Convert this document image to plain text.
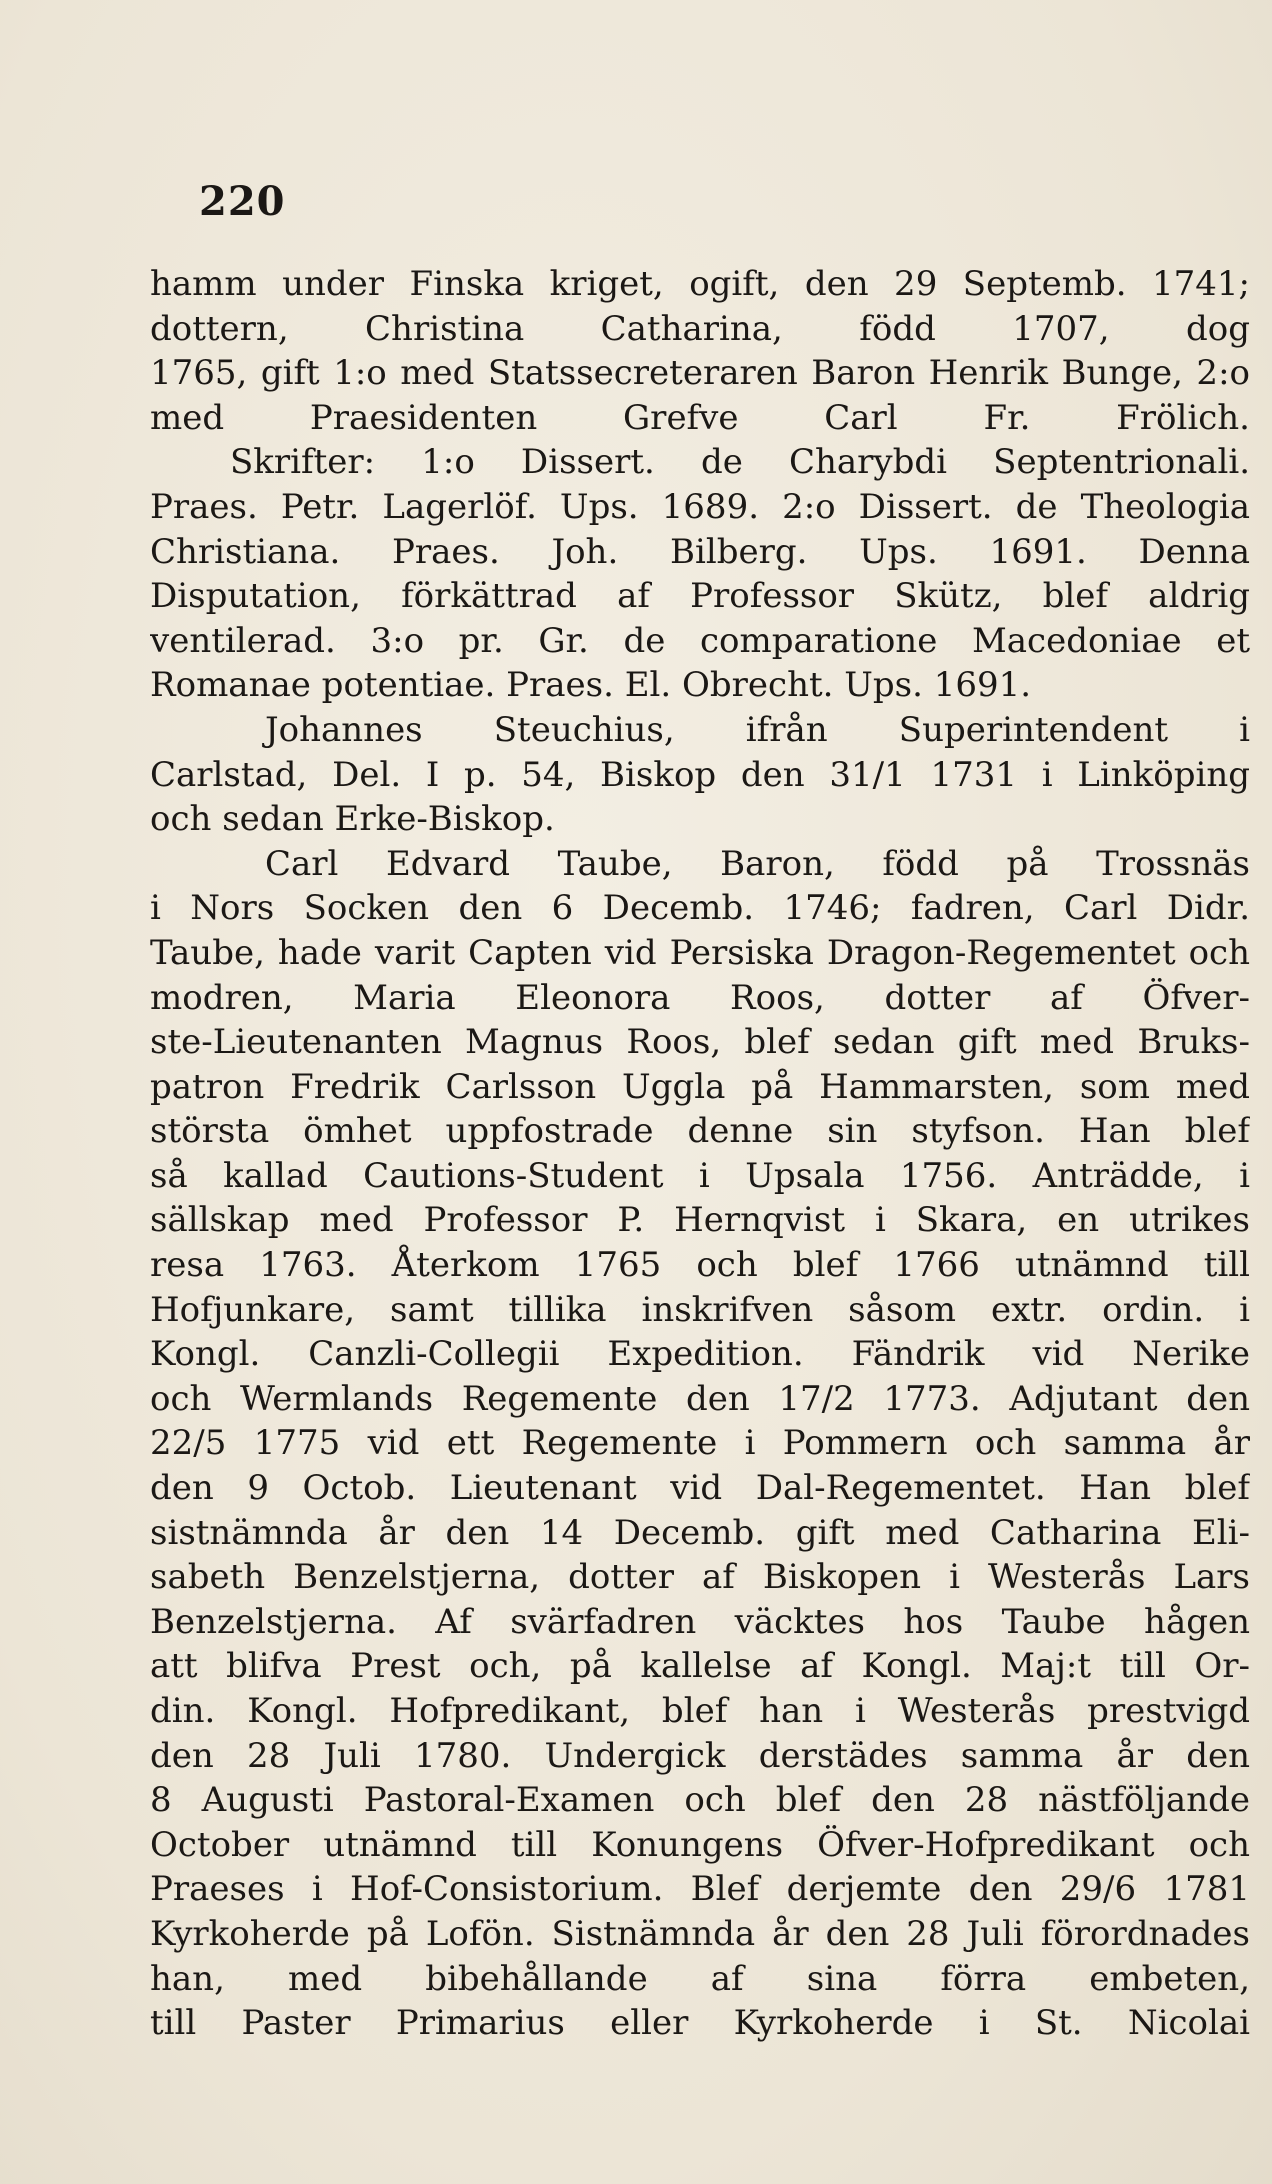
220
hamm under Finska kriget, ogift, den 29 Septemb. 1741;
dottern, Christina Catharina, född 1707, dog
1765, gift 1:o med Statssecreteraren Baron Henrik Bunge, 2:o med Praesidenten Grefve Carl Fr. Frölich.
Skrifter: 1:o Dissert. de Charybdi Septentrionali.
Praes. Petr. Lagerlöf. Ups. 1689. 2:o Dissert. de Theologia Christiana. Praes. Joh. Bilberg. Ups. 1691. Denna
Disputation, förkättrad af Professor Skütz, blef aldrig
ventilerad. 3:o pr. Gr. de comparatione Macedoniae et
Romanae potentiae. Praes. El. Obrecht. Ups. 1691.
Johannes Steuchius, ifrån Superintendent i
Carlstad, Del. I p. 54, Biskop den 31/1 1731 i Linköping
och sedan Erke-Biskop.
Carl Edvard Taube, Baron, född på Trossnäs
i Nors Socken den 6 Decemb. 1746; fadren, Carl Didr.
Taube, hade varit Capten vid Persiska Dragon-Regementet och modren, Maria Eleonora Roos, dotter af Öfver-
ste-Lieutenanten Magnus Roos, blef sedan gift med Bruks-
patron Fredrik Carlsson Uggla på Hammarsten, som med
största ömhet uppfostrade denne sin styfson. Han blef
så kallad Cautions-Student i Upsala 1756. Anträdde, i
sällskap med Professor P. Hernqvist i Skara, en utrikes
resa 1763. Återkom 1765 och blef 1766 utnämnd till
Hofjunkare, samt tillika inskrifven såsom extr. ordin. i
Kongl. Canzli-Collegii Expedition. Fändrik vid Nerike
och Wermlands Regemente den 17/2 1773. Adjutant den
22/5 1775 vid ett Regemente i Pommern och samma år
den 9 Octob. Lieutenant vid Dal-Regementet. Han blef
sistnämnda år den 14 Decemb. gift med Catharina Eli-
sabeth Benzelstjerna, dotter af Biskopen i Westerås Lars
Benzelstjerna. Af svärfadren väcktes hos Taube hågen
att blifva Prest och, på kallelse af Kongl. Maj:t till Or-
din. Kongl. Hofpredikant, blef han i Westerås prestvigd
den 28 Juli 1780. Undergick derstädes samma år den
8 Augusti Pastoral-Examen och blef den 28 nästföljande
October utnämnd till Konungens Öfver-Hofpredikant och
Praeses i Hof-Consistorium. Blef derjemte den 29/6 1781
Kyrkoherde på Lofön. Sistnämnda år den 28 Juli förordnades han, med bibehållande af sina förra embeten,
till Paster Primarius eller Kyrkoherde i St. Nicolai
